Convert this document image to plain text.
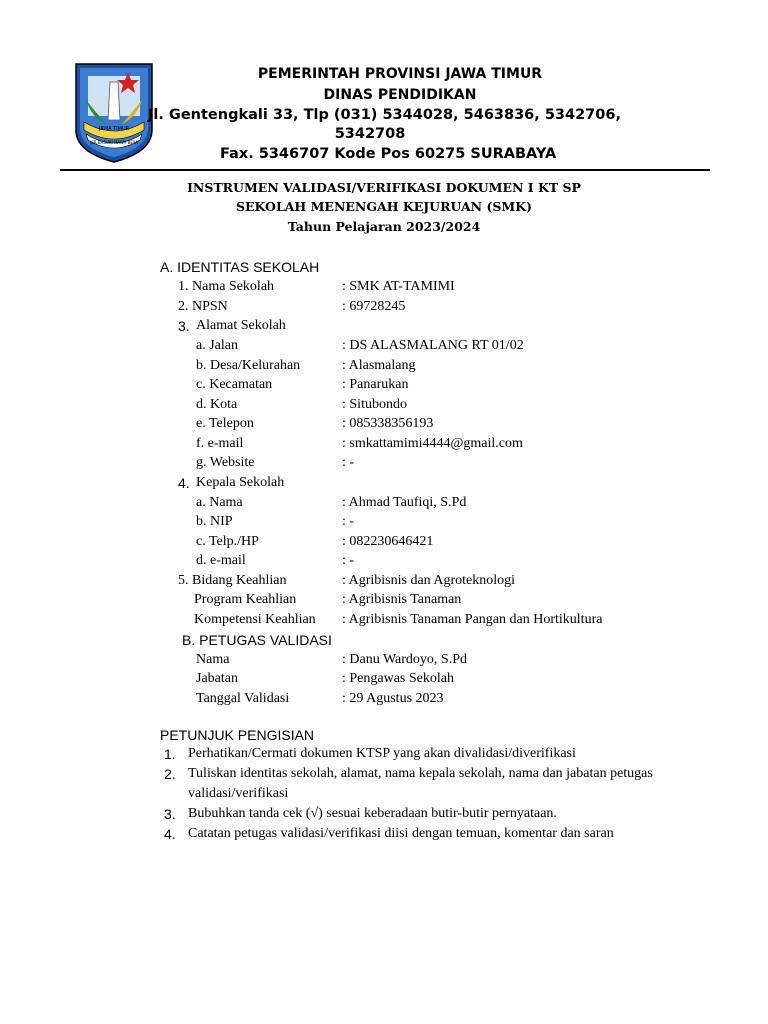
JAWA TIMUR
JER BASUKI MAWA BEYA
PEMERINTAH PROVINSI JAWA TIMUR
DINAS PENDIDIKAN
Jl. Gentengkali 33, Tlp (031) 5344028, 5463836, 5342706,
5342708
Fax. 5346707 Kode Pos 60275 SURABAYA
INSTRUMEN VALIDASI/VERIFIKASI DOKUMEN I KT SP
SEKOLAH MENENGAH KEJURUAN (SMK)
Tahun Pelajaran 2023/2024
A. IDENTITAS SEKOLAH
1. Nama Sekolah	: SMK AT-TAMIMI
2. NPSN	: 69728245
3. Alamat Sekolah
a. Jalan	: DS ALASMALANG RT 01/02
b. Desa/Kelurahan	: Alasmalang
c. Kecamatan	: Panarukan
d. Kota	: Situbondo
e. Telepon	: 085338356193
f. e-mail	: smkattamimi4444@gmail.com
g. Website	: -
4. Kepala Sekolah
a. Nama	: Ahmad Taufiqi, S.Pd
b. NIP	: -
c. Telp./HP	: 082230646421
d. e-mail	: -
5. Bidang Keahlian	: Agribisnis dan Agroteknologi
Program Keahlian	: Agribisnis Tanaman
Kompetensi Keahlian : Agribisnis Tanaman Pangan dan Hortikultura
B. PETUGAS VALIDASI
Nama	: Danu Wardoyo, S.Pd
Jabatan	: Pengawas Sekolah
Tanggal Validasi	: 29 Agustus 2023
PETUNJUK PENGISIAN
1. Perhatikan/Cermati dokumen KTSP yang akan divalidasi/diverifikasi
2. Tuliskan identitas sekolah, alamat, nama kepala sekolah, nama dan jabatan petugas validasi/verifikasi
3. Bubuhkan tanda cek (√) sesuai keberadaan butir-butir pernyataan.
4. Catatan petugas validasi/verifikasi diisi dengan temuan, komentar dan saran
